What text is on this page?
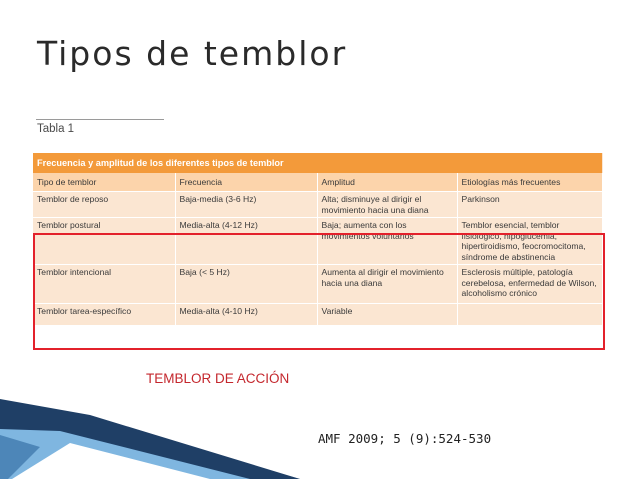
Tipos de temblor
Tabla 1
Frecuencia y amplitud de los diferentes tipos de temblor			
Tipo de temblor	Frecuencia	Amplitud	Etiologías más frecuentes
Temblor de reposo	Baja-media (3-6 Hz)	Alta; disminuye al dirigir el movimiento hacia una diana	Parkinson
Temblor postural	Media-alta (4-12 Hz)	Baja; aumenta con los movimientos voluntarios	Temblor esencial, temblor fisiológico, hipoglucemia, hipertiroidismo, feocromocitoma, síndrome de abstinencia
Temblor intencional	Baja (< 5 Hz)	Aumenta al dirigir el movimiento hacia una diana	Esclerosis múltiple, patología cerebelosa, enfermedad de Wilson, alcoholismo crónico
Temblor tarea-específico	Media-alta (4-10 Hz)	Variable	
TEMBLOR DE ACCIÓN
AMF 2009; 5 (9):524-530
